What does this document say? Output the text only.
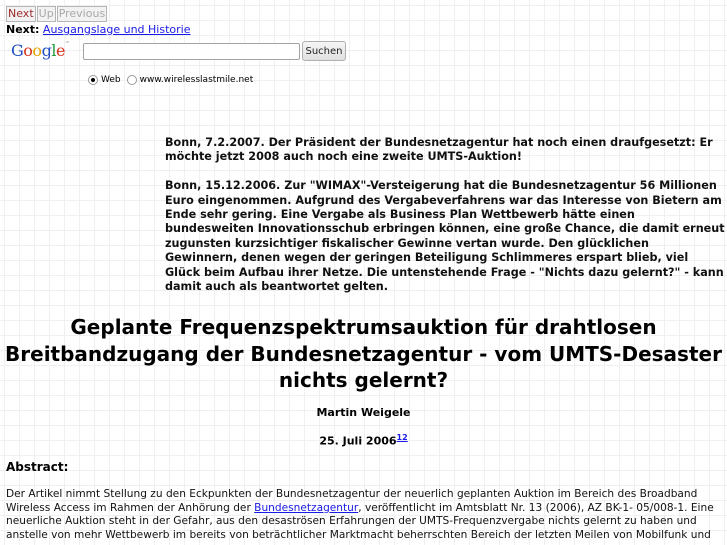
Next Up Previous
Next: Ausgangslage und Historie
Google™
Suchen
Web www.wirelesslastmile.net

Bonn, 7.2.2007. Der Präsident der Bundesnetzagentur hat noch einen draufgesetzt: Er möchte jetzt 2008 auch noch eine zweite UMTS-Auktion!

Bonn, 15.12.2006. Zur "WIMAX"-Versteigerung hat die Bundesnetzagentur 56 Millionen Euro eingenommen. Aufgrund des Vergabeverfahrens war das Interesse von Bietern am Ende sehr gering. Eine Vergabe als Business Plan Wettbewerb hätte einen bundesweiten Innovationsschub erbringen können, eine große Chance, die damit erneut zugunsten kurzsichtiger fiskalischer Gewinne vertan wurde. Den glücklichen Gewinnern, denen wegen der geringen Beteiligung Schlimmeres erspart blieb, viel Glück beim Aufbau ihrer Netze. Die untenstehende Frage - "Nichts dazu gelernt?" - kann damit auch als beantwortet gelten.

Geplante Frequenzspektrumsauktion für drahtlosen Breitbandzugang der Bundesnetzagentur - vom UMTS-Desaster nichts gelernt?
Martin Weigele
25. Juli 2006$^{12}$
Abstract:

Der Artikel nimmt Stellung zu den Eckpunkten der Bundesnetzagentur der neuerlich geplanten Auktion im Bereich des Broadband Wireless Access im Rahmen der Anhörung der Bundesnetzagentur, veröffentlicht im Amtsblatt Nr. 13 (2006), AZ BK-1- 05/008-1. Eine neuerliche Auktion steht in der Gefahr, aus den desaströsen Erfahrungen der UMTS-Frequenzvergabe nichts gelernt zu haben und anstelle von mehr Wettbewerb im bereits von beträchtlicher Marktmacht beherrschten Bereich der letzten Meilen von Mobilfunk und
